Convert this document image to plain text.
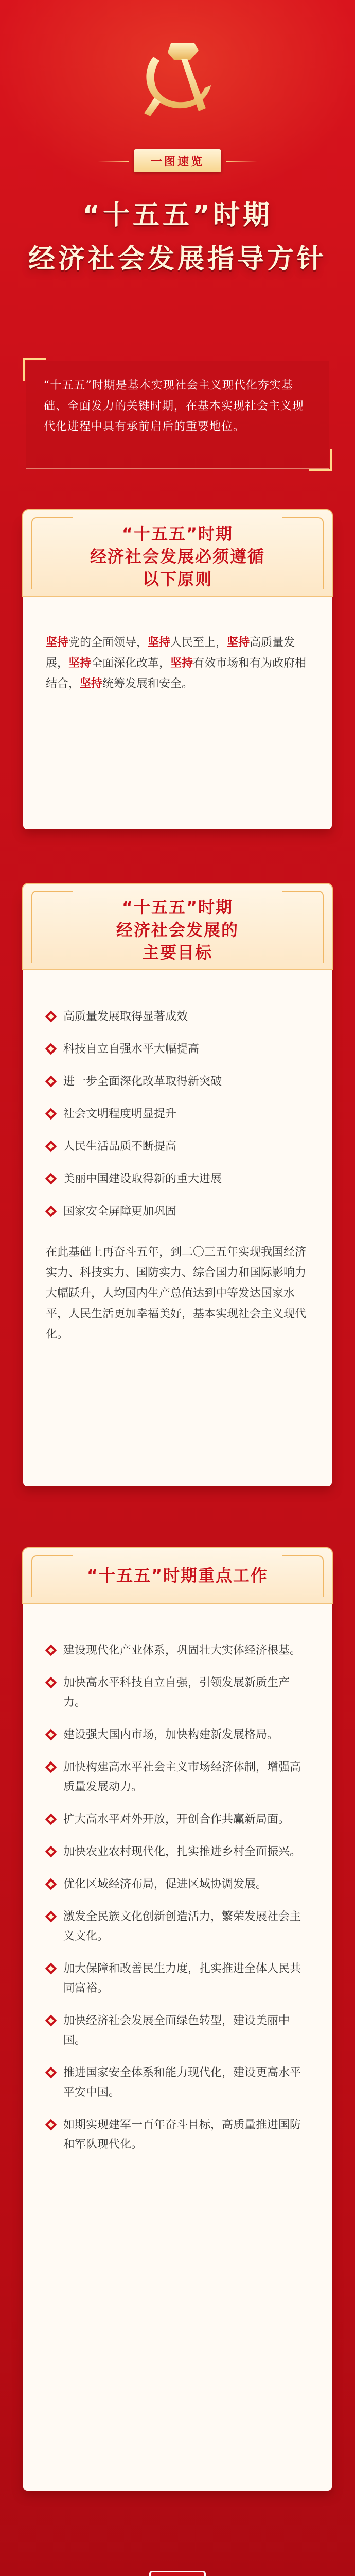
一图速览
“十五五”时期
经济社会发展指导方针

“十五五”时期是基本实现社会主义现代化夯实基础、全面发力的关键时期，在基本实现社会主义现代化进程中具有承前启后的重要地位。

“十五五”时期
经济社会发展必须遵循
以下原则

坚持党的全面领导，坚持人民至上，坚持高质量发展，坚持全面深化改革，坚持有效市场和有为政府相结合，坚持统筹发展和安全。

“十五五”时期
经济社会发展的
主要目标
高质量发展取得显著成效
科技自立自强水平大幅提高
进一步全面深化改革取得新突破
社会文明程度明显提升
人民生活品质不断提高
美丽中国建设取得新的重大进展
国家安全屏障更加巩固

在此基础上再奋斗五年，到二〇三五年实现我国经济实力、科技实力、国防实力、综合国力和国际影响力大幅跃升，人均国内生产总值达到中等发达国家水平，人民生活更加幸福美好，基本实现社会主义现代化。

“十五五”时期重点工作
建设现代化产业体系，巩固壮大实体经济根基。
加快高水平科技自立自强，引领发展新质生产力。
建设强大国内市场，加快构建新发展格局。
加快构建高水平社会主义市场经济体制，增强高质量发展动力。
扩大高水平对外开放，开创合作共赢新局面。
加快农业农村现代化，扎实推进乡村全面振兴。
优化区域经济布局，促进区域协调发展。
激发全民族文化创新创造活力，繁荣发展社会主义文化。
加大保障和改善民生力度，扎实推进全体人民共同富裕。
加快经济社会发展全面绿色转型，建设美丽中国。
推进国家安全体系和能力现代化，建设更高水平平安中国。
如期实现建军一百年奋斗目标，高质量推进国防和军队现代化。
